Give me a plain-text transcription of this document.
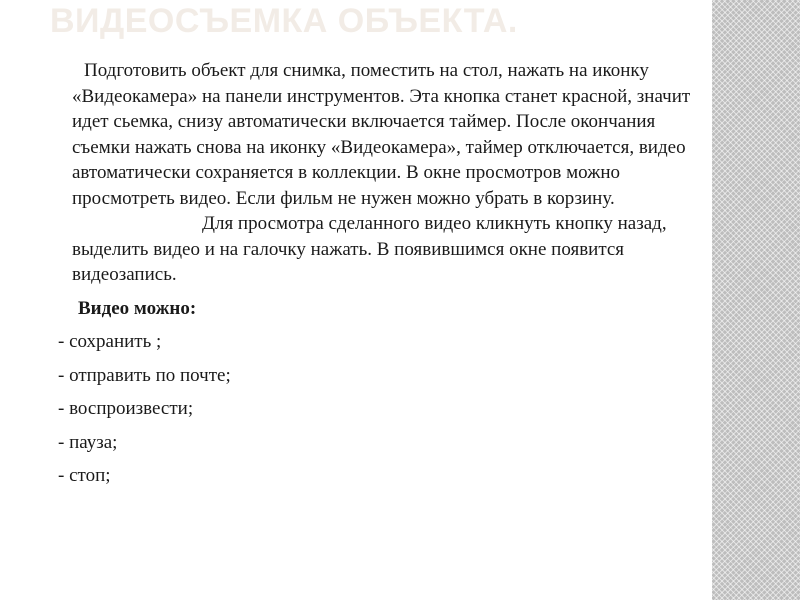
ВИДЕОСЪЕМКА ОБЪЕКТА.

Подготовить объект для снимка, поместить на стол, нажать на иконку «Видеокамера» на панели инструментов. Эта кнопка станет красной, значит идет сьемка, снизу автоматически включается таймер. После окончания съемки нажать снова на иконку «Видеокамера», таймер отключается, видео автоматически сохраняется в коллекции. В окне просмотров можно просмотреть видео. Если фильм не нужен можно убрать в корзину.Для просмотра сделанного видео кликнуть кнопку назад, выделить видео и на галочку нажать. В появившимся окне появится видеозапись.

Видео можно:
- сохранить ;
- отправить по почте;
- воспроизвести;
- пауза;
- стоп;
